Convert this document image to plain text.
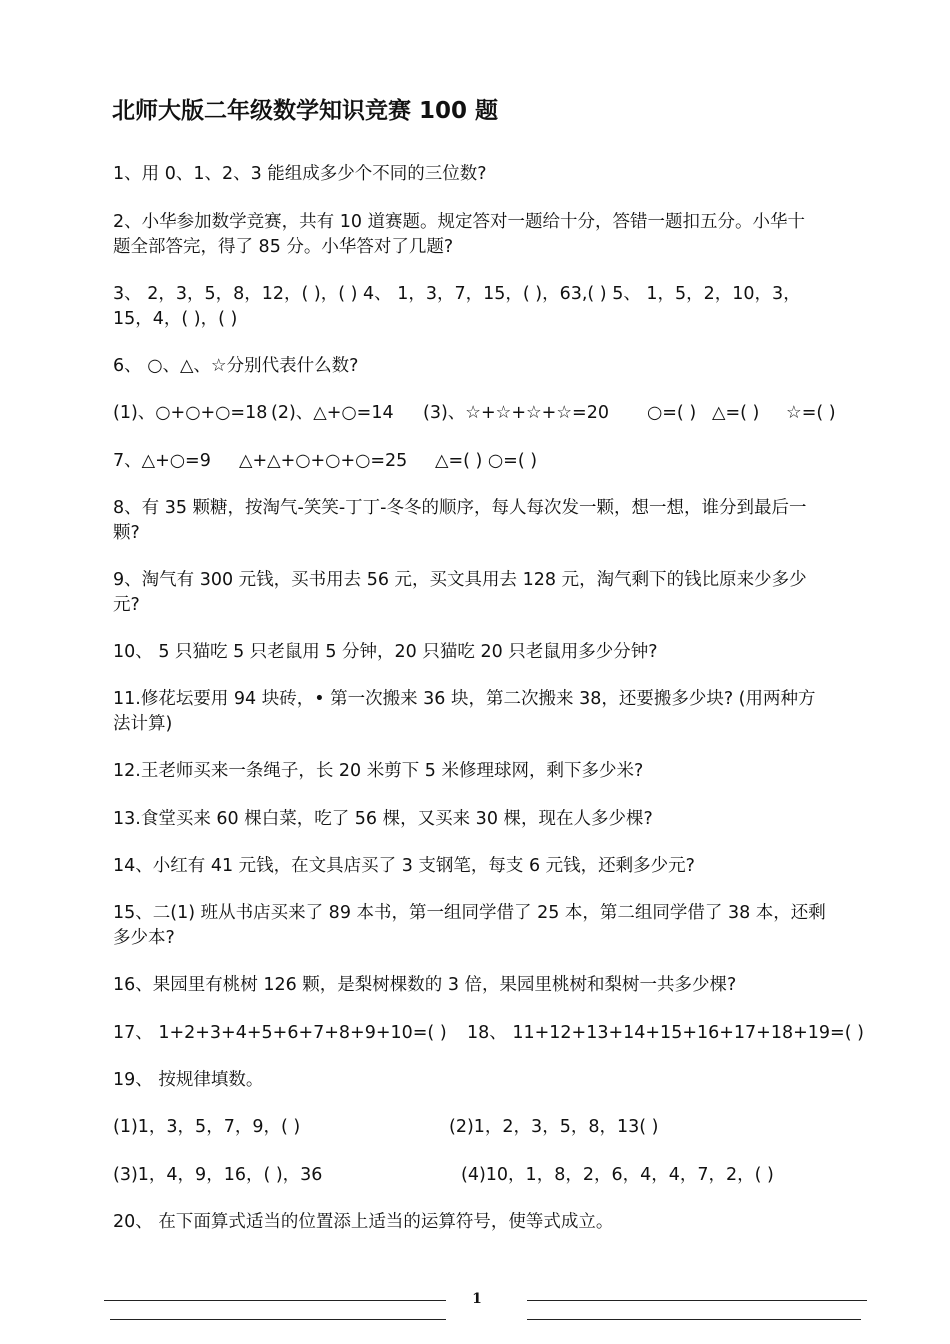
北师大版二年级数学知识竞赛 100 题
1、用 0、1、2、3 能组成多少个不同的三位数?
2、小华参加数学竞赛，共有 10 道赛题。规定答对一题给十分，答错一题扣五分。小华十
题全部答完，得了 85 分。小华答对了几题?
3、 2，3，5，8，12，( )，( ) 4、 1，3，7，15，( )，63,( ) 5、 1，5，2，10，3，
15，4，( )，( )
6、 ○、△、☆分别代表什么数?
(1)、○+○+○=18 (2)、△+○=14 (3)、☆+☆+☆+☆=20 ○=( ) △=( ) ☆=( )
7、△+○=9 △+△+○+○+○=25 △=( ) ○=( )
8、有 35 颗糖，按淘气-笑笑-丁丁-冬冬的顺序，每人每次发一颗，想一想，谁分到最后一
颗?
9、淘气有 300 元钱，买书用去 56 元，买文具用去 128 元，淘气剩下的钱比原来少多少
元?
10、 5 只猫吃 5 只老鼠用 5 分钟，20 只猫吃 20 只老鼠用多少分钟?
11.修花坛要用 94 块砖，• 第一次搬来 36 块，第二次搬来 38，还要搬多少块? (用两种方
法计算)
12.王老师买来一条绳子，长 20 米剪下 5 米修理球网，剩下多少米?
13.食堂买来 60 棵白菜，吃了 56 棵，又买来 30 棵，现在人多少棵?
14、小红有 41 元钱，在文具店买了 3 支钢笔，每支 6 元钱，还剩多少元?
15、二(1) 班从书店买来了 89 本书，第一组同学借了 25 本，第二组同学借了 38 本，还剩
多少本?
16、果园里有桃树 126 颗，是梨树棵数的 3 倍，果园里桃树和梨树一共多少棵?
17、 1+2+3+4+5+6+7+8+9+10=( ) 18、 11+12+13+14+15+16+17+18+19=( )
19、 按规律填数。
(1)1，3，5，7，9，( )	(2)1，2，3，5，8，13( )
(3)1，4，9，16，( )，36	(4)10，1，8，2，6，4，4，7，2，( )
20、 在下面算式适当的位置添上适当的运算符号，使等式成立。
1
